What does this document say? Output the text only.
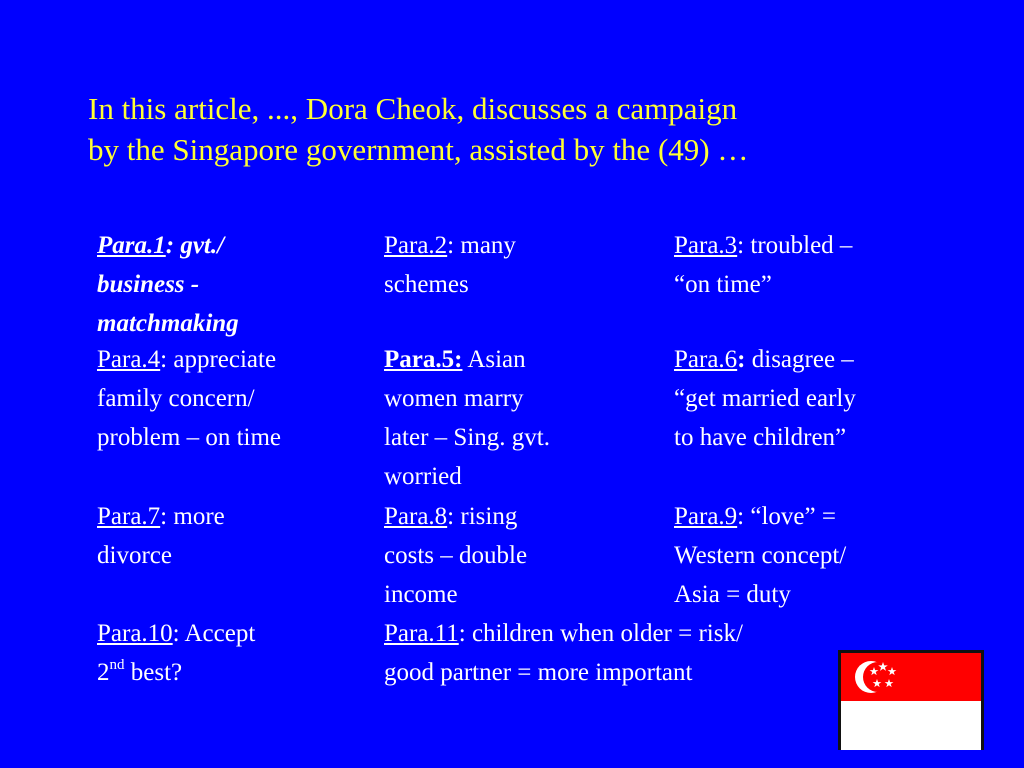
In this article, ..., Dora Cheok, discusses a campaign
by the Singapore government, assisted by the (49) …
Para.1: gvt./
business -
matchmaking
Para.2: many
schemes
Para.3: troubled –
“on time”
Para.4: appreciate
family concern/
problem – on time
Para.5: Asian
women marry
later – Sing. gvt.
worried
Para.6: disagree –
“get married early
to have children”
Para.7: more
divorce
Para.8: rising
costs – double
income
Para.9: “love” =
Western concept/
Asia = duty
Para.10: Accept
2nd best?
Para.11: children when older = risk/
good partner = more important
